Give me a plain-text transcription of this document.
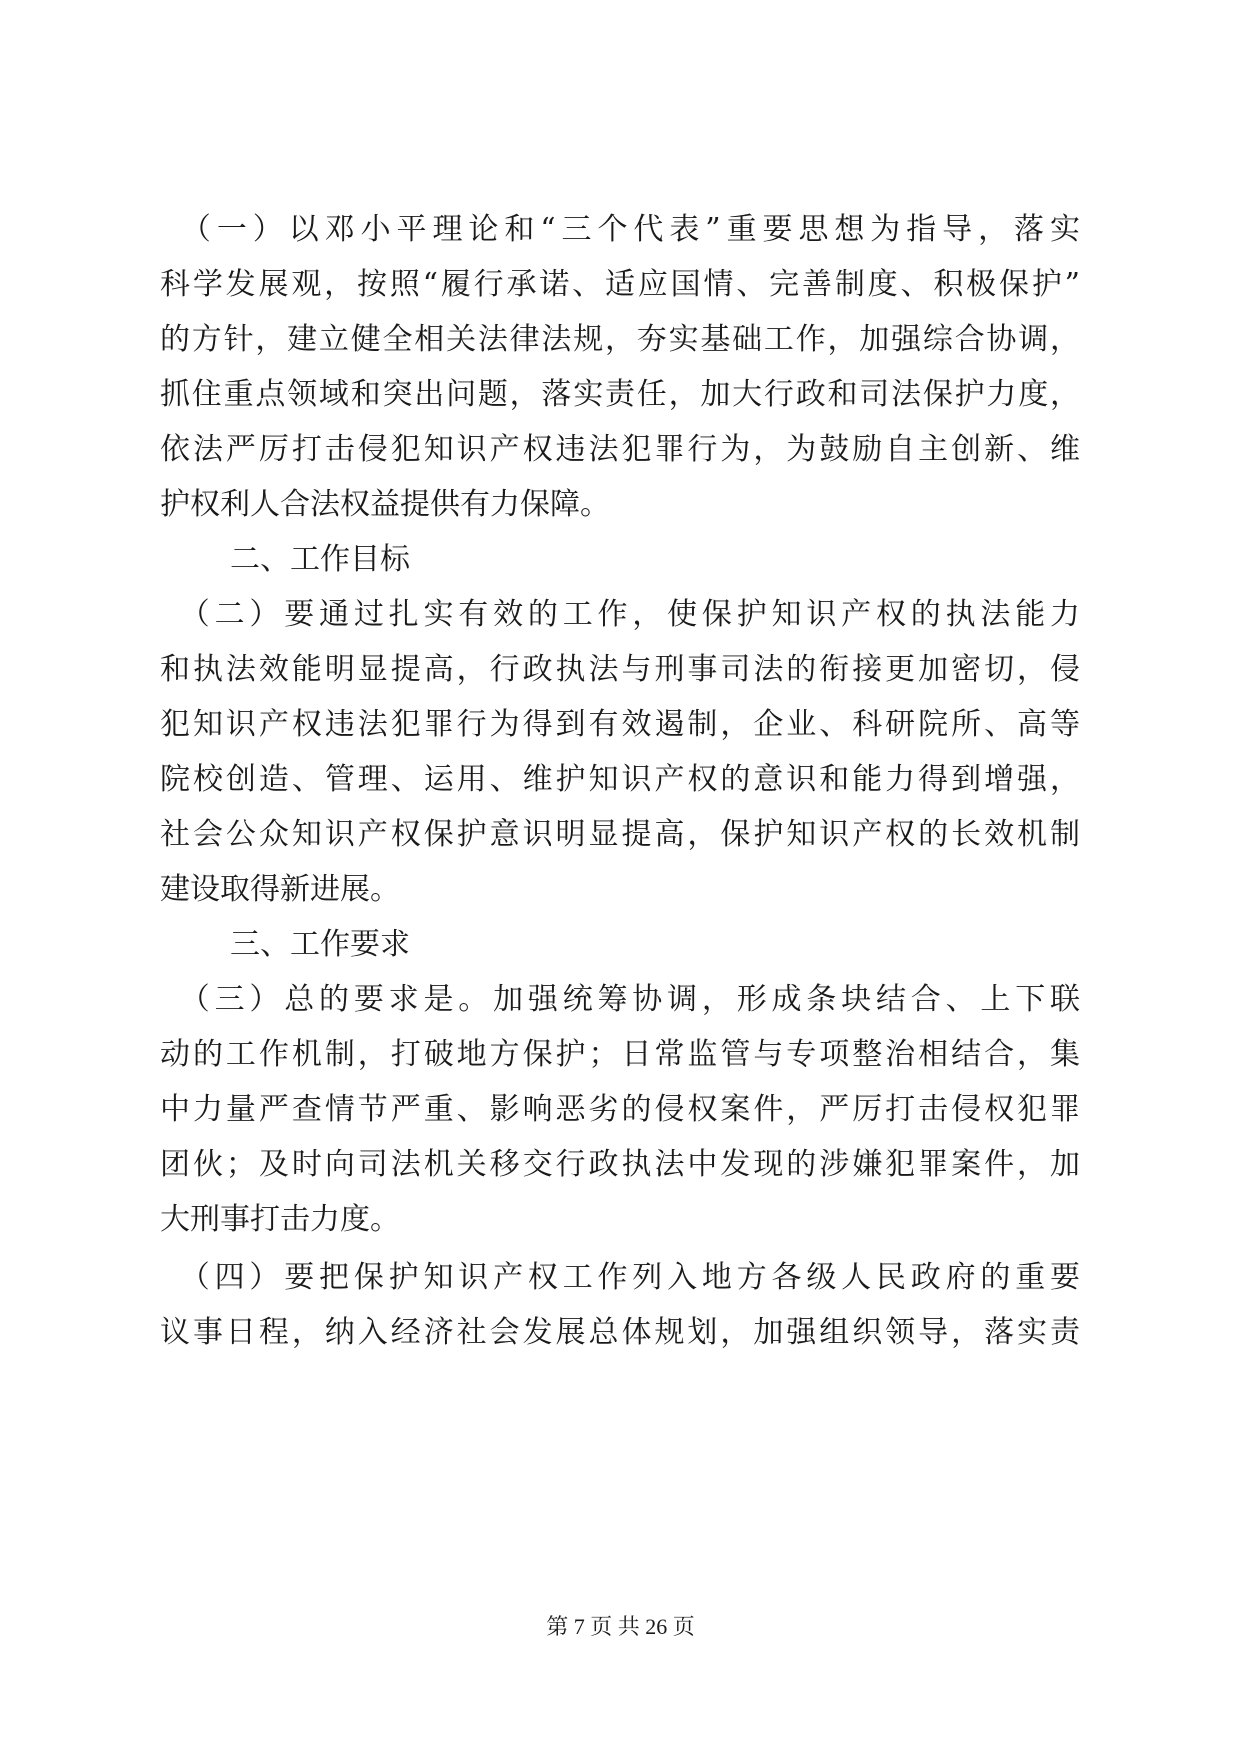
　（一）以邓小平理论和“三个代表”重要思想为指导，落实
科学发展观，按照“履行承诺、适应国情、完善制度、积极保护”
的方针，建立健全相关法律法规，夯实基础工作，加强综合协调，
抓住重点领域和突出问题，落实责任，加大行政和司法保护力度，
依法严厉打击侵犯知识产权违法犯罪行为，为鼓励自主创新、维
护权利人合法权益提供有力保障。
二、工作目标
　（二）要通过扎实有效的工作，使保护知识产权的执法能力
和执法效能明显提高，行政执法与刑事司法的衔接更加密切，侵
犯知识产权违法犯罪行为得到有效遏制，企业、科研院所、高等
院校创造、管理、运用、维护知识产权的意识和能力得到增强，
社会公众知识产权保护意识明显提高，保护知识产权的长效机制
建设取得新进展。
三、工作要求
　（三）总的要求是。加强统筹协调，形成条块结合、上下联
动的工作机制，打破地方保护；日常监管与专项整治相结合，集
中力量严查情节严重、影响恶劣的侵权案件，严厉打击侵权犯罪
团伙；及时向司法机关移交行政执法中发现的涉嫌犯罪案件，加
大刑事打击力度。
　（四）要把保护知识产权工作列入地方各级人民政府的重要
议事日程，纳入经济社会发展总体规划，加强组织领导，落实责
第 7 页 共 26 页
